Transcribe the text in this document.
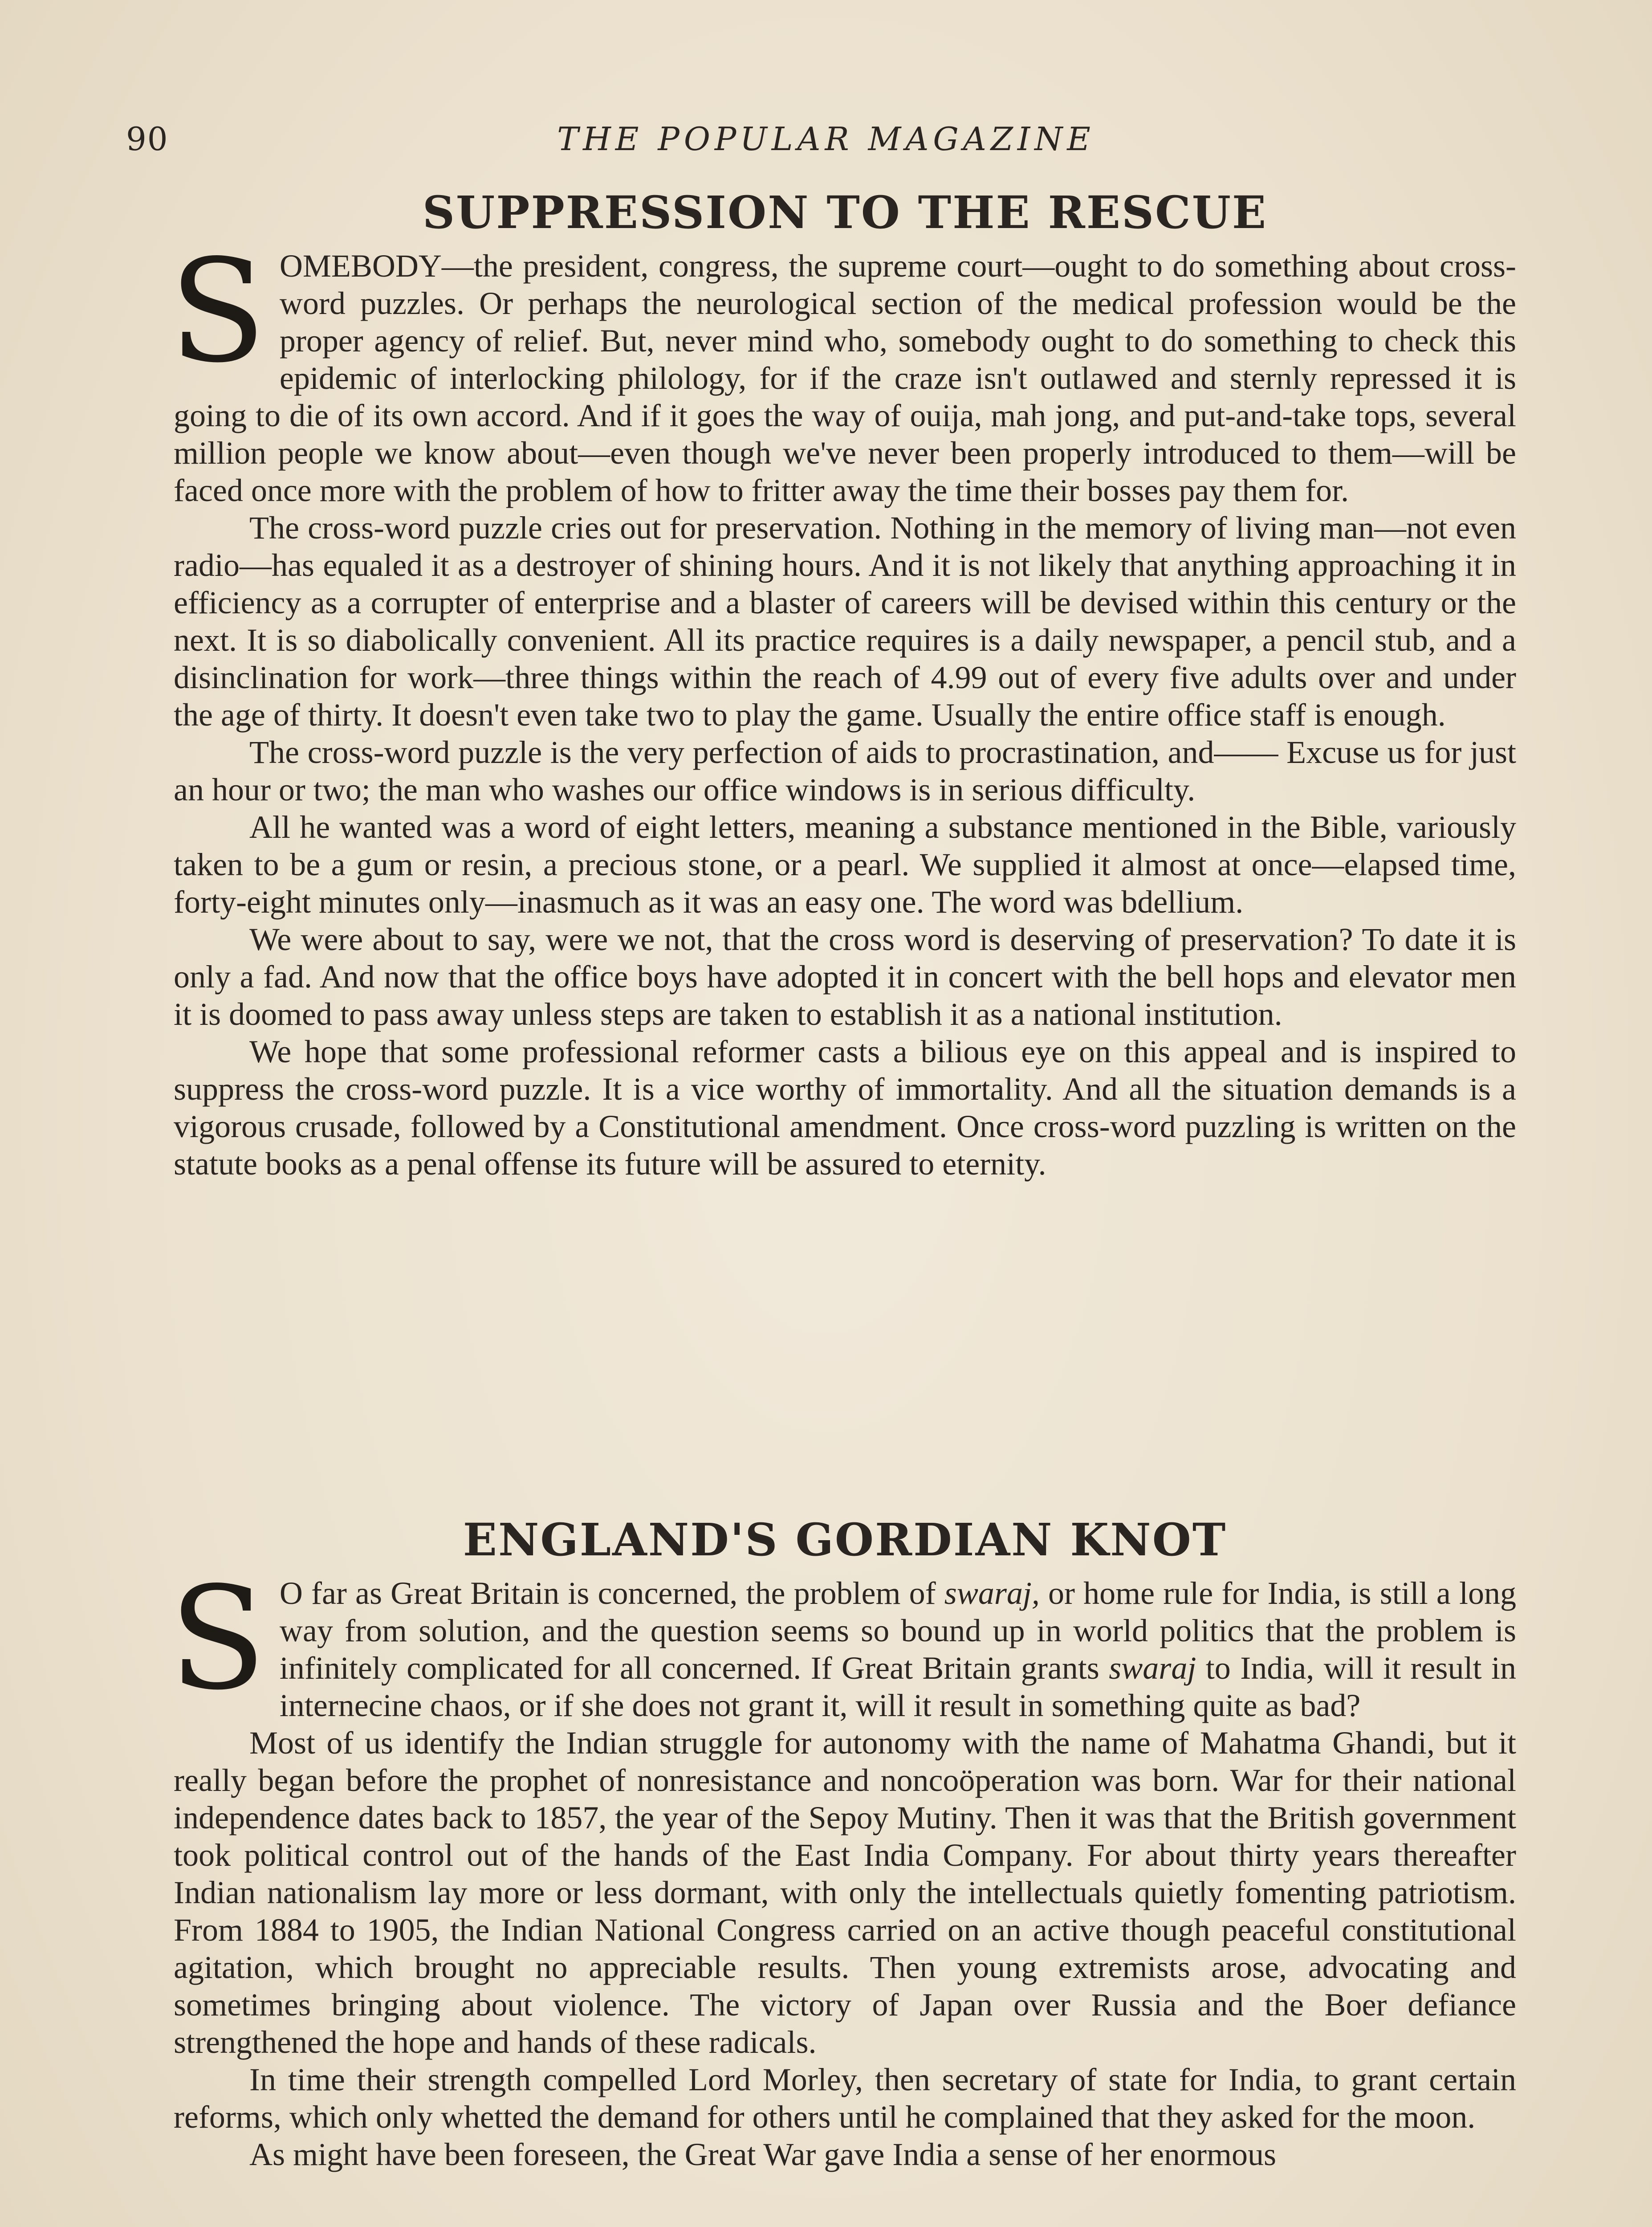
90	THE POPULAR MAGAZINE
SUPPRESSION TO THE RESCUE

SOMEBODY—the president, congress, the supreme court—ought to do something about cross-word puzzles. Or perhaps the neurological section of the medical profession would be the proper agency of relief. But, never mind who, somebody ought to do something to check this epidemic of interlocking philology, for if the craze isn't outlawed and sternly repressed it is going to die of its own accord. And if it goes the way of ouija, mah jong, and put-and-take tops, several million people we know about—even though we've never been properly introduced to them—will be faced once more with the problem of how to fritter away the time their bosses pay them for.

The cross-word puzzle cries out for preservation. Nothing in the memory of living man—not even radio—has equaled it as a destroyer of shining hours. And it is not likely that anything approaching it in efficiency as a corrupter of enterprise and a blaster of careers will be devised within this century or the next. It is so diabolically convenient. All its practice requires is a daily newspaper, a pencil stub, and a disinclination for work—three things within the reach of 4.99 out of every five adults over and under the age of thirty. It doesn't even take two to play the game. Usually the entire office staff is enough.

The cross-word puzzle is the very perfection of aids to procrastination, and—— Excuse us for just an hour or two; the man who washes our office windows is in serious difficulty.

All he wanted was a word of eight letters, meaning a substance mentioned in the Bible, variously taken to be a gum or resin, a precious stone, or a pearl. We supplied it almost at once—elapsed time, forty-eight minutes only—inasmuch as it was an easy one. The word was bdellium.

We were about to say, were we not, that the cross word is deserving of preservation? To date it is only a fad. And now that the office boys have adopted it in concert with the bell hops and elevator men it is doomed to pass away unless steps are taken to establish it as a national institution.

We hope that some professional reformer casts a bilious eye on this appeal and is inspired to suppress the cross-word puzzle. It is a vice worthy of immortality. And all the situation demands is a vigorous crusade, followed by a Constitutional amendment. Once cross-word puzzling is written on the statute books as a penal offense its future will be assured to eternity.

ENGLAND'S GORDIAN KNOT

S O far as Great Britain is concerned, the problem of swaraj, or home rule for India, is still a long way from solution, and the question seems so bound up in world politics that the problem is infinitely complicated for all concerned. If Great Britain grants swaraj to India, will it result in internecine chaos, or if she does not grant it, will it result in something quite as bad?

Most of us identify the Indian struggle for autonomy with the name of Mahatma Ghandi, but it really began before the prophet of nonresistance and noncoöperation was born. War for their national independence dates back to 1857, the year of the Sepoy Mutiny. Then it was that the British government took political control out of the hands of the East India Company. For about thirty years thereafter Indian nationalism lay more or less dormant, with only the intellectuals quietly fomenting patriotism. From 1884 to 1905, the Indian National Congress carried on an active though peaceful constitutional agitation, which brought no appreciable results. Then young extremists arose, advocating and sometimes bringing about violence. The victory of Japan over Russia and the Boer defiance strengthened the hope and hands of these radicals.

In time their strength compelled Lord Morley, then secretary of state for India, to grant certain reforms, which only whetted the demand for others until he complained that they asked for the moon.

As might have been foreseen, the Great War gave India a sense of her enormous
